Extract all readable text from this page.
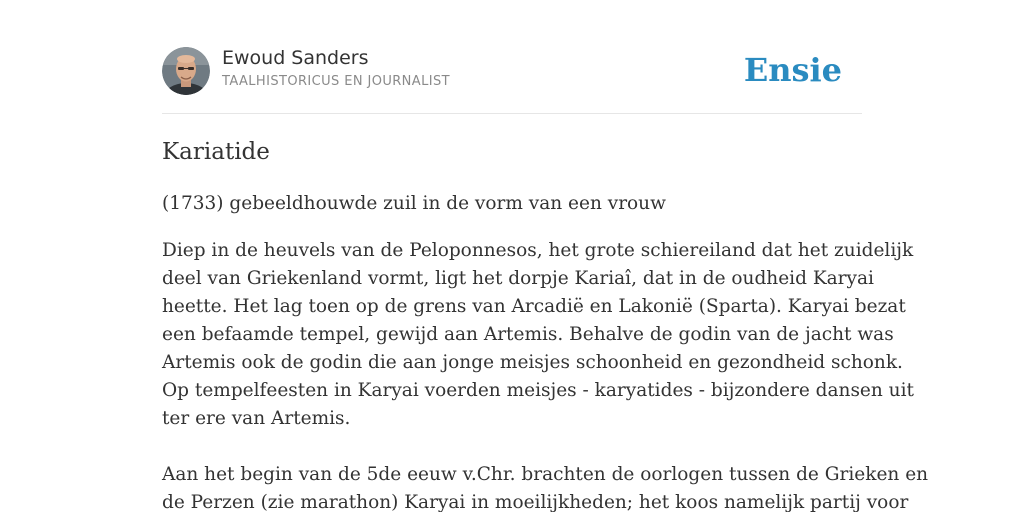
Ewoud Sanders
TAALHISTORICUS EN JOURNALIST	Ensie
Kariatide

(1733) gebeeldhouwde zuil in de vorm van een vrouw

Diep in de heuvels van de Peloponnesos, het grote schiereiland dat het zuidelijk
deel van Griekenland vormt, ligt het dorpje Kariaî, dat in de oudheid Karyai
heette. Het lag toen op de grens van Arcadië en Lakonië (Sparta). Karyai bezat
een befaamde tempel, gewijd aan Artemis. Behalve de godin van de jacht was
Artemis ook de godin die aan jonge meisjes schoonheid en gezondheid schonk.
Op tempelfeesten in Karyai voerden meisjes - karyatides - bijzondere dansen uit
ter ere van Artemis.

Aan het begin van de 5de eeuw v.Chr. brachten de oorlogen tussen de Grieken en
de Perzen (zie marathon) Karyai in moeilijkheden; het koos namelijk partij voor
